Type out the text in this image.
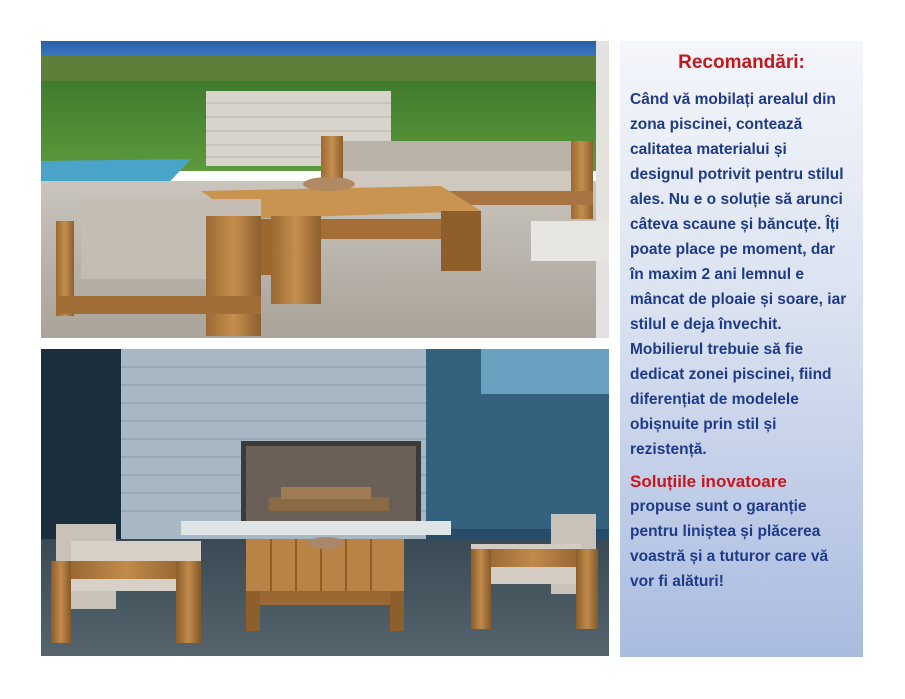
Recomandări:

Când vă mobilați arealul din zona piscinei, contează calitatea materialui și designul potrivit pentru stilul ales. Nu e o soluție să arunci câteva scaune și băncuțe. Îți poate place pe moment, dar în maxim 2 ani lemnul e mâncat de ploaie și soare, iar stilul e deja învechit. Mobilierul trebuie să fie dedicat zonei piscinei, fiind diferențiat de modelele obișnuite prin stil și rezistență.

Soluțiile inovatoare

propuse sunt o garanție pentru liniștea și plăcerea voastră și a tuturor care vă vor fi alături!
